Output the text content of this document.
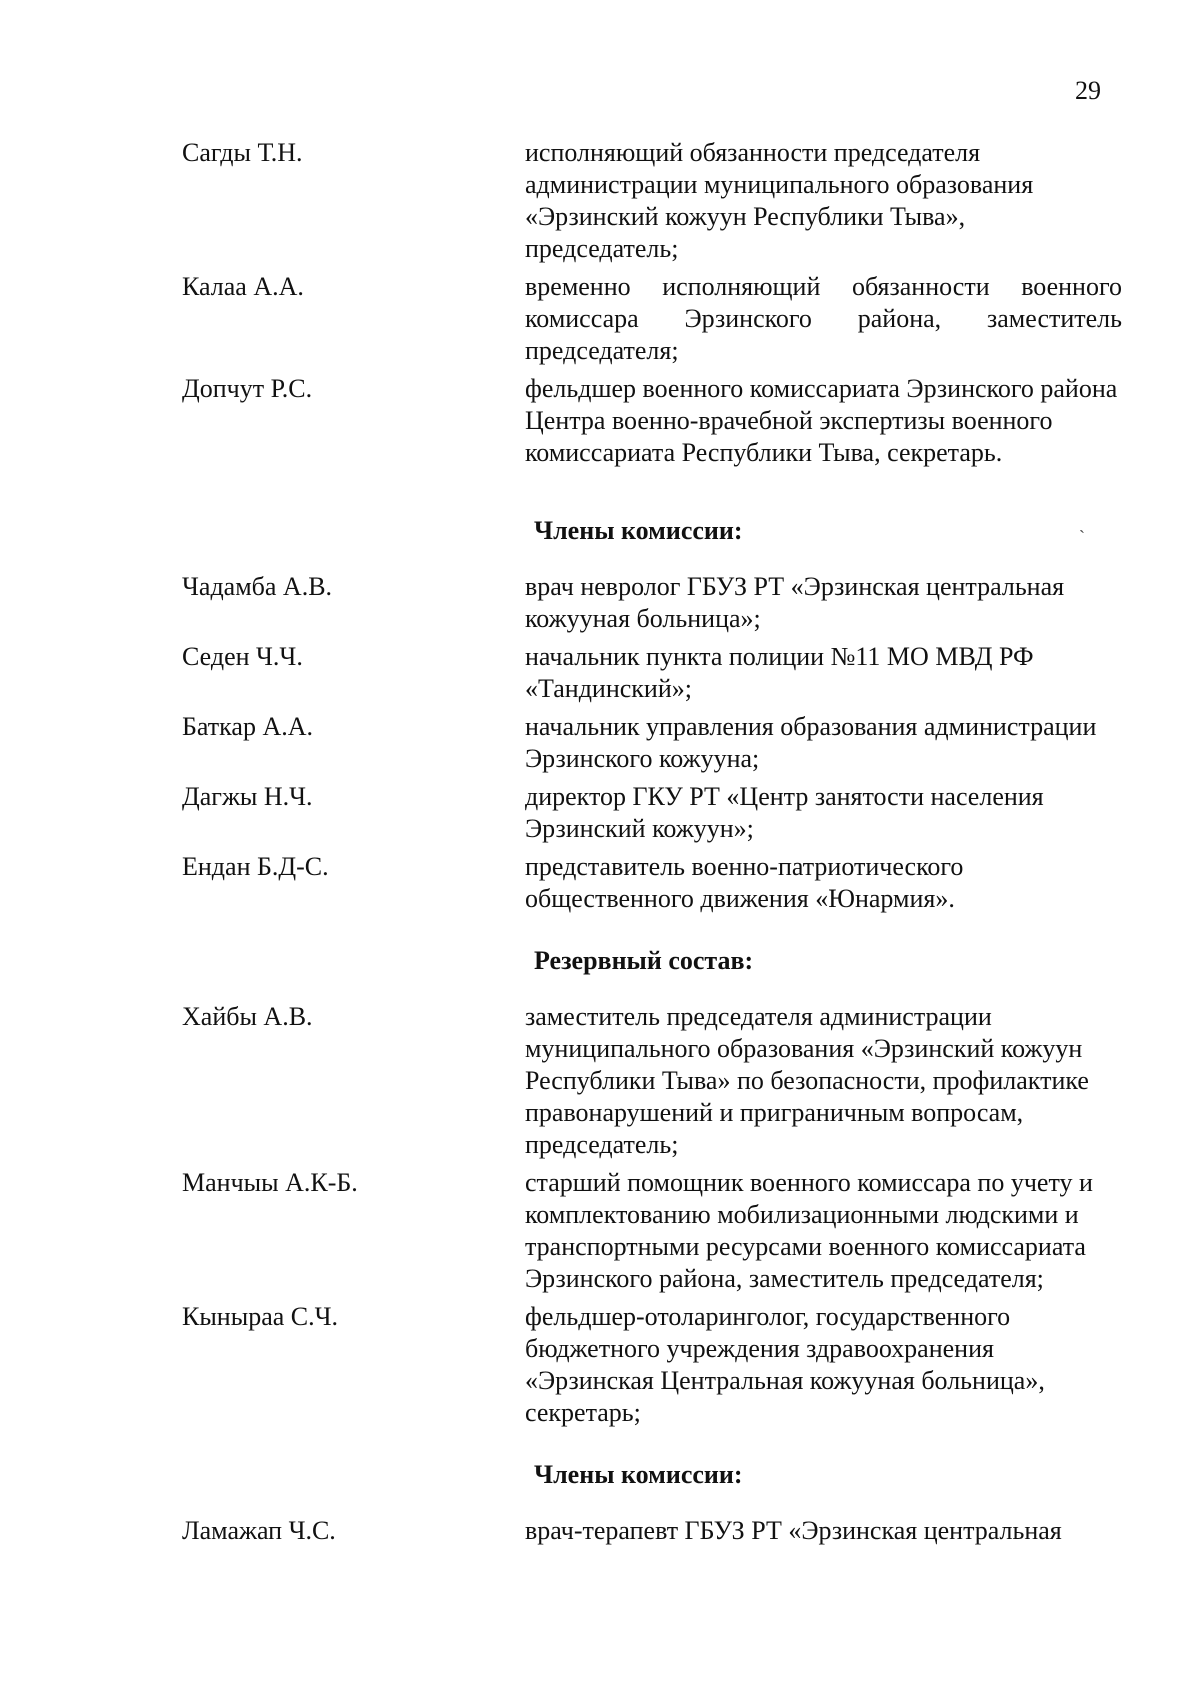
29
ˎ
Сагды Т.Н.	исполняющий обязанности председателя администрации муниципального образования «Эрзинский кожуун Республики Тыва», председатель;
Калаа А.А.	временно исполняющий обязанности военного комиссара Эрзинского района, заместитель председателя;
Допчут Р.С.	фельдшер военного комиссариата Эрзинского района Центра военно-врачебной экспертизы военного комиссариата Республики Тыва, секретарь.
Члены комиссии:
Чадамба А.В.	врач невролог ГБУЗ РТ «Эрзинская центральная кожууная больница»;
Седен Ч.Ч.	начальник пункта полиции №11 МО МВД РФ «Тандинский»;
Баткар А.А.	начальник управления образования администрации Эрзинского кожууна;
Дагжы Н.Ч.	директор ГКУ РТ «Центр занятости населения Эрзинский кожуун»;
Ендан Б.Д-С.	представитель военно-патриотического общественного движения «Юнармия».
Резервный состав:
Хайбы А.В.	заместитель председателя администрации муниципального образования «Эрзинский кожуун Республики Тыва» по безопасности, профилактике правонарушений и приграничным вопросам, председатель;
Манчыы А.К-Б.	старший помощник военного комиссара по учету и комплектованию мобилизационными людскими и транспортными ресурсами военного комиссариата Эрзинского района, заместитель председателя;
Кыныраа С.Ч.	фельдшер-отоларинголог, государственного бюджетного учреждения здравоохранения «Эрзинская Центральная кожууная больница», секретарь;
Члены комиссии:
Ламажап Ч.С.	врач-терапевт ГБУЗ РТ «Эрзинская центральная
